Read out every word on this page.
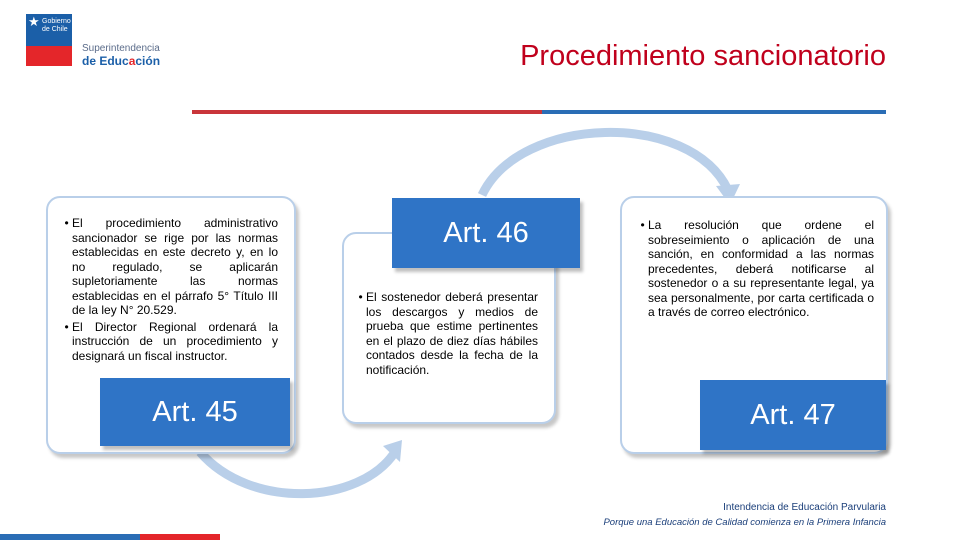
★ Gobierno de Chile
Superintendencia
de Educación	Procedimiento sancionatorio
• El procedimiento administrativo sancionador se rige por las normas establecidas en este decreto y, en lo no regulado, se aplicarán supletoriamente las normas establecidas en el párrafo 5° Título III de la ley N° 20.529.
• El Director Regional ordenará la instrucción de un procedimiento y designará un fiscal instructor.
Art. 45
Art. 46
• El sostenedor deberá presentar los descargos y medios de prueba que estime pertinentes en el plazo de diez días hábiles contados desde la fecha de la notificación.
• La resolución que ordene el sobreseimiento o aplicación de una sanción, en conformidad a las normas precedentes, deberá notificarse al sostenedor o a su representante legal, ya sea personalmente, por carta certificada o a través de correo electrónico.
Art. 47
Intendencia de Educación Parvularia
Porque una Educación de Calidad comienza en la Primera Infancia
